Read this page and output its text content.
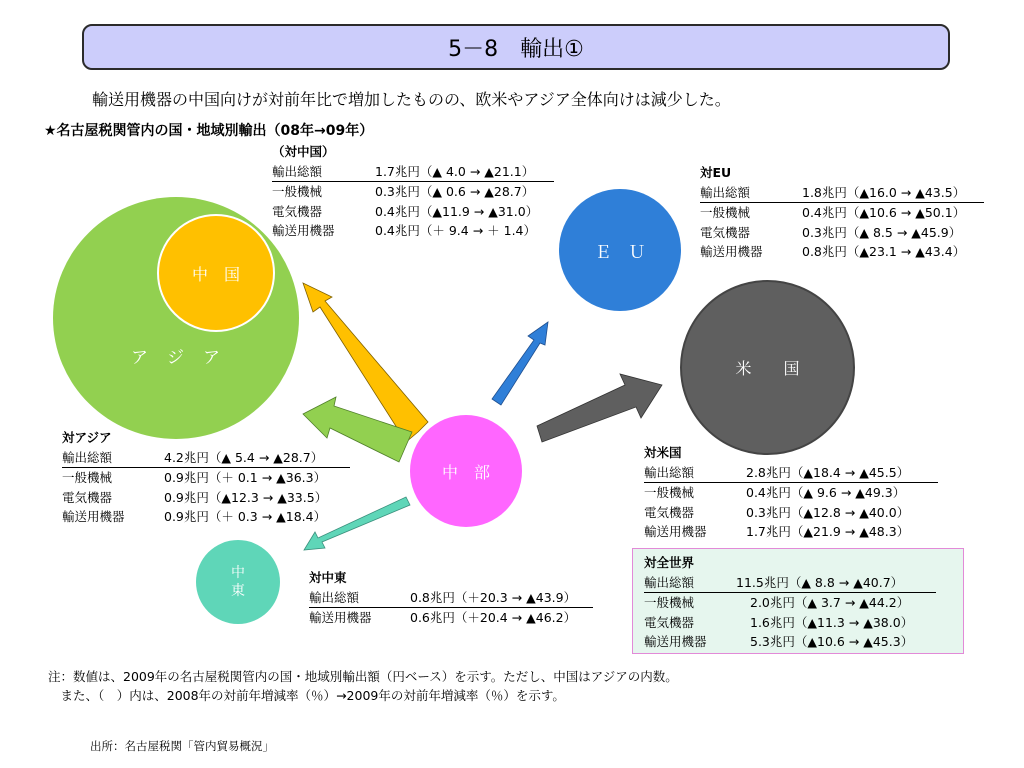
5－8　輸出①
輸送用機器の中国向けが対前年比で増加したものの、欧米やアジア全体向けは減少した。
★名古屋税関管内の国・地域別輸出（08年→09年）
ア　ジ　ア
中　国
Ｅ　Ｕ
米　　国
中　部
中
東
（対中国）
輸出総額	1.7兆円（▲ 4.0 → ▲21.1）
一般機械	0.3兆円（▲ 0.6 → ▲28.7）
電気機器	0.4兆円（▲11.9 → ▲31.0）
輸送用機器	0.4兆円（＋ 9.4 → ＋ 1.4）
対EU
輸出総額	1.8兆円（▲16.0 → ▲43.5）
一般機械	0.4兆円（▲10.6 → ▲50.1）
電気機器	0.3兆円（▲ 8.5 → ▲45.9）
輸送用機器	0.8兆円（▲23.1 → ▲43.4）
対アジア
輸出総額	4.2兆円（▲ 5.4 → ▲28.7）
一般機械	0.9兆円（＋ 0.1 → ▲36.3）
電気機器	0.9兆円（▲12.3 → ▲33.5）
輸送用機器	0.9兆円（＋ 0.3 → ▲18.4）
対米国
輸出総額	2.8兆円（▲18.4 → ▲45.5）
一般機械	0.4兆円（▲ 9.6 → ▲49.3）
電気機器	0.3兆円（▲12.8 → ▲40.0）
輸送用機器	1.7兆円（▲21.9 → ▲48.3）
対中東
輸出総額	0.8兆円（＋20.3 → ▲43.9）
輸送用機器	0.6兆円（＋20.4 → ▲46.2）
対全世界
輸出総額	11.5兆円（▲ 8.8 → ▲40.7）
一般機械	2.0兆円（▲ 3.7 → ▲44.2）
電気機器	1.6兆円（▲11.3 → ▲38.0）
輸送用機器	5.3兆円（▲10.6 → ▲45.3）
注：数値は、2009年の名古屋税関管内の国・地域別輸出額（円ベース）を示す。ただし、中国はアジアの内数。
　また、（　）内は、2008年の対前年増減率（％）→2009年の対前年増減率（％）を示す。
出所：名古屋税関「管内貿易概況」
